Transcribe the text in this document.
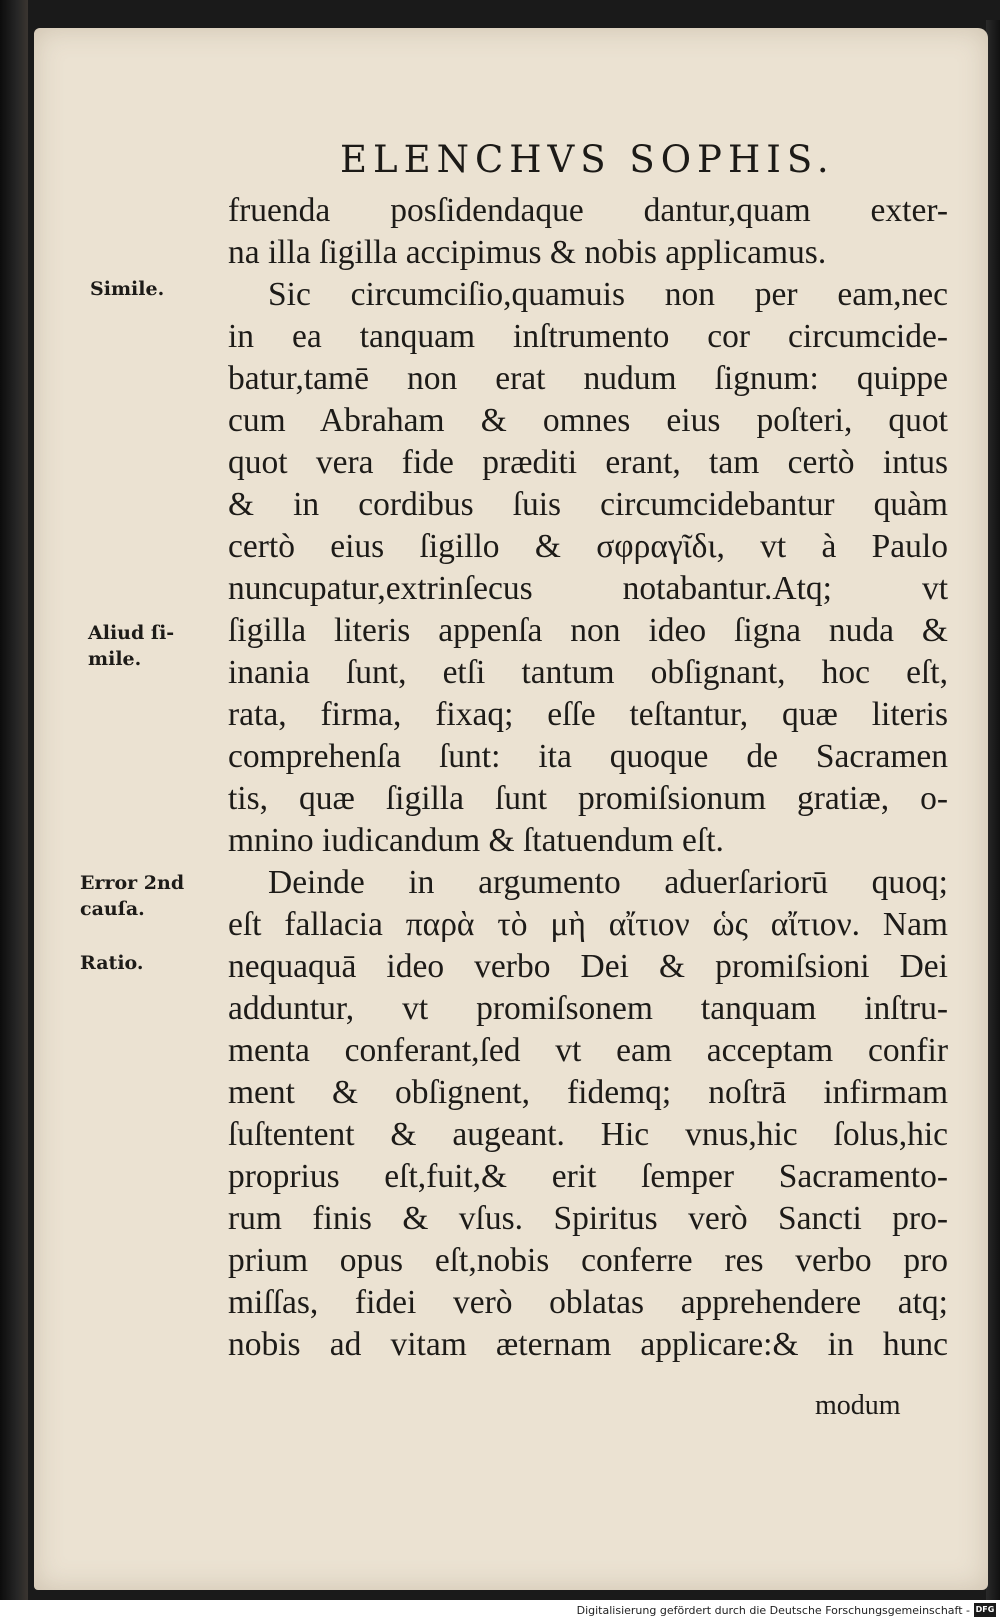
ELENCHVS SOPHIS.
Simile.
Aliud ſi-
mile.
Error 2nd
cauſa.
Ratio.
fruenda posſidendaque dantur,quam exter-
na illa ſigilla accipimus & nobis applicamus.
Sic circumciſio,quamuis non per eam,nec
in ea tanquam inſtrumento cor circumcide-
batur,tamē non erat nudum ſignum: quippe
cum Abraham & omnes eius poſteri, quot
quot vera fide præditi erant, tam certò intus
& in cordibus ſuis circumcidebantur quàm
certò eius ſigillo & σφραγῖδι, vt à Paulo
nuncupatur,extrinſecus notabantur.Atq; vt
ſigilla literis appenſa non ideo ſigna nuda &
inania ſunt, etſi tantum obſignant, hoc eſt,
rata, firma, fixaq; eſſe teſtantur, quæ literis
comprehenſa ſunt: ita quoque de Sacramen
tis, quæ ſigilla ſunt promiſsionum gratiæ, o-
mnino iudicandum & ſtatuendum eſt.
Deinde in argumento aduerſariorū quoq;
eſt fallacia παρὰ τὸ μὴ αἴτιον ὡς αἴτιον. Nam
nequaquā ideo verbo Dei & promiſsioni Dei
adduntur, vt promiſsonem tanquam inſtru-
menta conferant,ſed vt eam acceptam confir
ment & obſignent, fidemq; noſtrā infirmam
ſuſtentent & augeant. Hic vnus,hic ſolus,hic
proprius eſt,fuit,& erit ſemper Sacramento-
rum finis & vſus. Spiritus verò Sancti pro-
prium opus eſt,nobis conferre res verbo pro
miſſas, fidei verò oblatas apprehendere atq;
nobis ad vitam æternam applicare:& in hunc
modum
Digitalisierung gefördert durch die Deutsche Forschungsgemeinschaft - DFG
